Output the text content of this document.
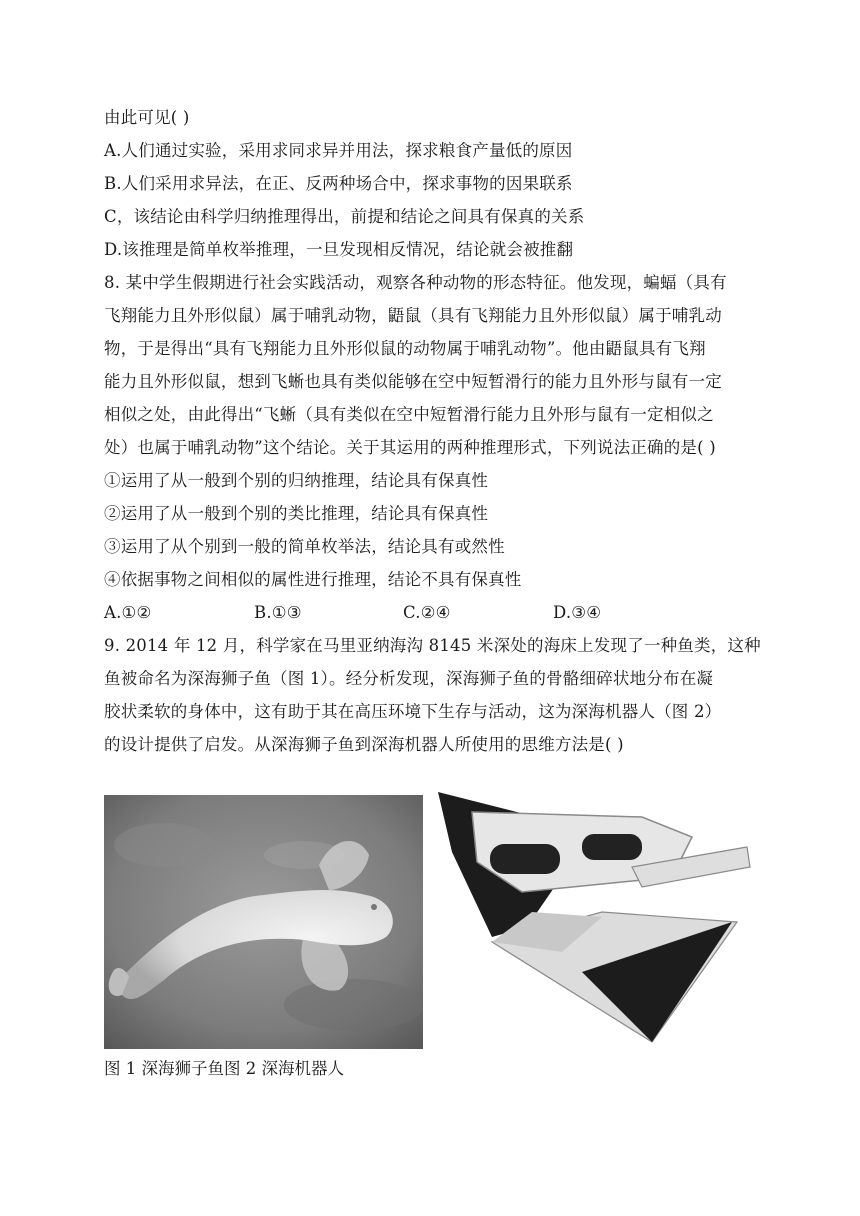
由此可见( )
A.人们通过实验，采用求同求异并用法，探求粮食产量低的原因
B.人们采用求异法，在正、反两种场合中，探求事物的因果联系
C，该结论由科学归纳推理得出，前提和结论之间具有保真的关系
D.该推理是简单枚举推理，一旦发现相反情况，结论就会被推翻
8. 某中学生假期进行社会实践活动，观察各种动物的形态特征。他发现，蝙蝠（具有
飞翔能力且外形似鼠）属于哺乳动物，鼯鼠（具有飞翔能力且外形似鼠）属于哺乳动
物，于是得出“具有飞翔能力且外形似鼠的动物属于哺乳动物”。他由鼯鼠具有飞翔
能力且外形似鼠，想到飞蜥也具有类似能够在空中短暂滑行的能力且外形与鼠有一定
相似之处，由此得出“飞蜥（具有类似在空中短暂滑行能力且外形与鼠有一定相似之
处）也属于哺乳动物”这个结论。关于其运用的两种推理形式，下列说法正确的是( )
①运用了从一般到个别的归纳推理，结论具有保真性
②运用了从一般到个别的类比推理，结论具有保真性
③运用了从个别到一般的简单枚举法，结论具有或然性
④依据事物之间相似的属性进行推理，结论不具有保真性
A.①②	B.①③	C.②④	D.③④
9. 2014 年 12 月，科学家在马里亚纳海沟 8145 米深处的海床上发现了一种鱼类，这种
鱼被命名为深海狮子鱼（图 1）。经分析发现，深海狮子鱼的骨骼细碎状地分布在凝
胶状柔软的身体中，这有助于其在高压环境下生存与活动，这为深海机器人（图 2）
的设计提供了启发。从深海狮子鱼到深海机器人所使用的思维方法是( )
图 1 深海狮子鱼图 2 深海机器人
